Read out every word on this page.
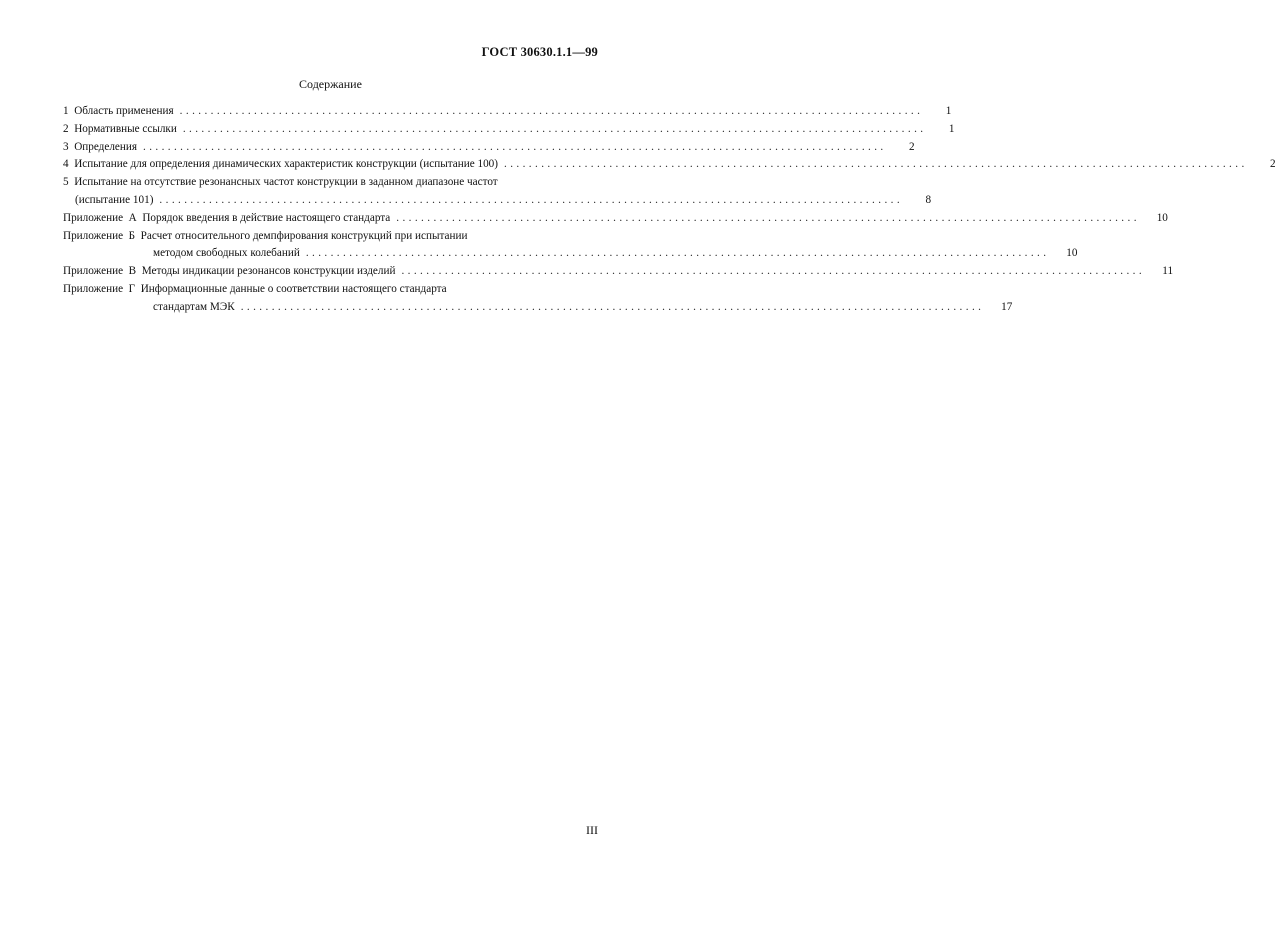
ГОСТ 30630.1.1—99
Содержание
1 Область применения ........................................................................................................................	1
2 Нормативные ссылки ........................................................................................................................	1
3 Определения ........................................................................................................................	2
4 Испытание для определения динамических характеристик конструкции (испытание 100) ........................................................................................................................	2
5 Испытание на отсутствие резонансных частот конструкции в заданном диапазоне частот
(испытание 101) ........................................................................................................................	8
Приложение  А Порядок введения в действие настоящего стандарта ........................................................................................................................	10
Приложение  Б Расчет относительного демпфирования конструкций при испытании
методом свободных колебаний ........................................................................................................................	10
Приложение  В Методы индикации резонансов конструкции изделий ........................................................................................................................	11
Приложение  Г Информационные данные о соответствии настоящего стандарта
стандартам МЭК ........................................................................................................................	17
III
